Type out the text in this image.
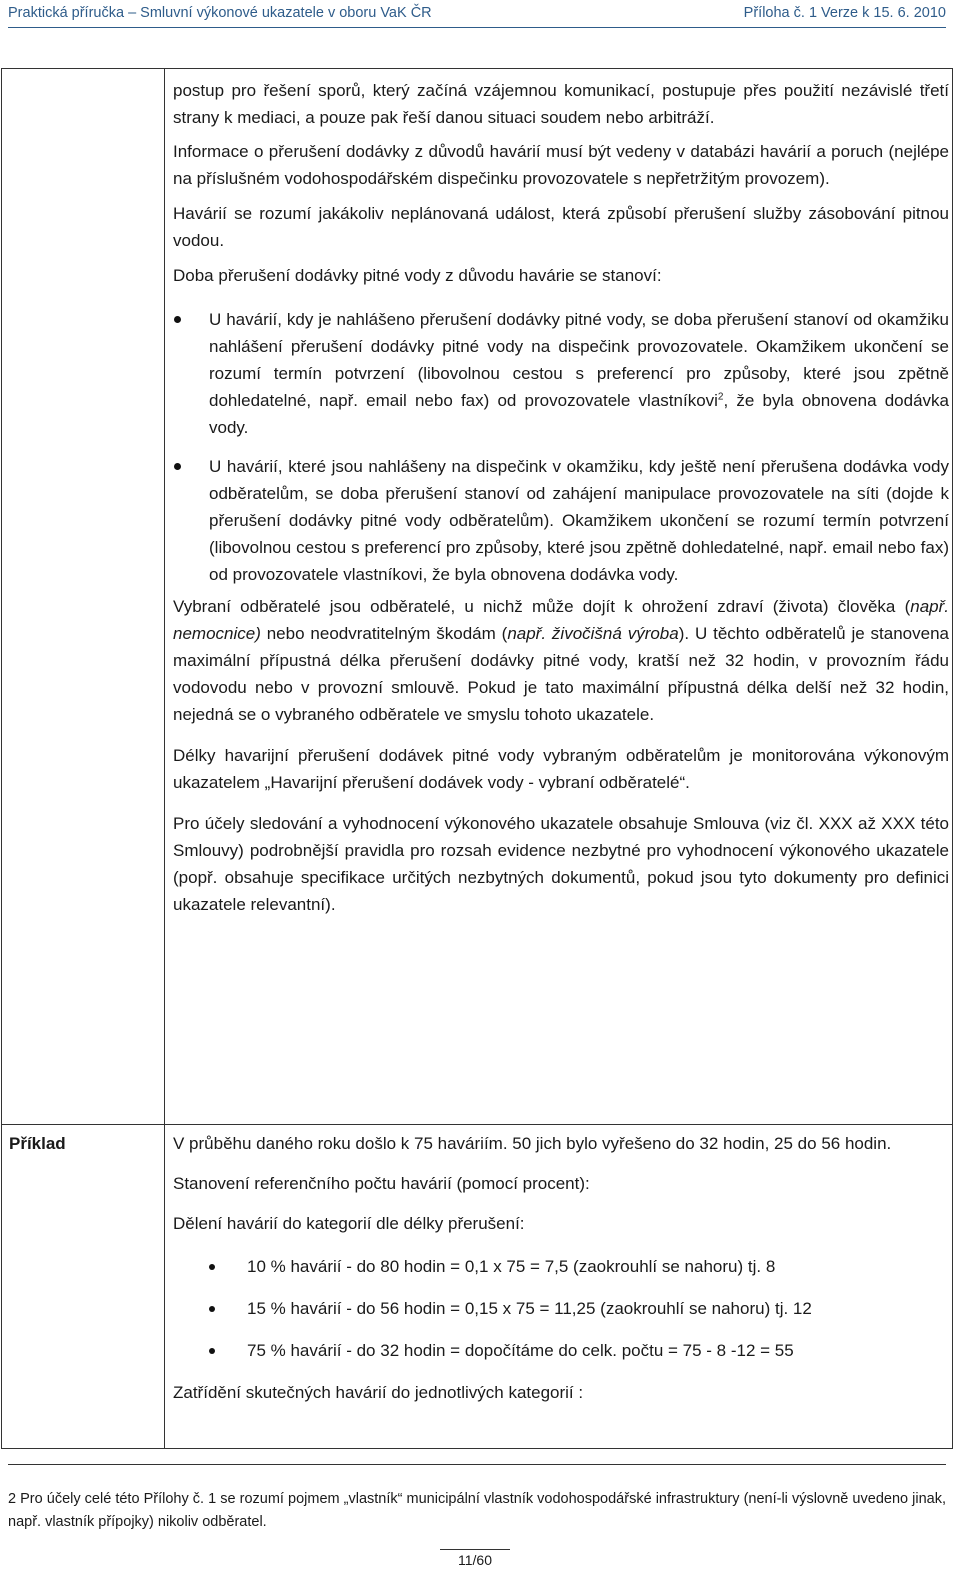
Praktická příručka – Smluvní výkonové ukazatele v oboru VaK ČR	Příloha č. 1 Verze k 15. 6. 2010

postup pro řešení sporů, který začíná vzájemnou komunikací, postupuje přes použití nezávislé třetí strany k mediaci, a pouze pak řeší danou situaci soudem nebo arbitráží.

Informace o přerušení dodávky z důvodů havárií musí být vedeny v databázi havárií a poruch (nejlépe na příslušném vodohospodářském dispečinku provozovatele s nepřetržitým provozem).

Havárií se rozumí jakákoliv neplánovaná událost, která způsobí přerušení služby zásobování pitnou vodou.

Doba přerušení dodávky pitné vody z důvodu havárie se stanoví:

U havárií, kdy je nahlášeno přerušení dodávky pitné vody, se doba přerušení stanoví od okamžiku nahlášení přerušení dodávky pitné vody na dispečink provozovatele. Okamžikem ukončení se rozumí termín potvrzení (libovolnou cestou s preferencí pro způsoby, které jsou zpětně dohledatelné, např. email nebo fax) od provozovatele vlastníkovi$^2$, že byla obnovena dodávka vody.
U havárií, které jsou nahlášeny na dispečink v okamžiku, kdy ještě není přerušena dodávka vody odběratelům, se doba přerušení stanoví od zahájení manipulace provozovatele na síti (dojde k přerušení dodávky pitné vody odběratelům). Okamžikem ukončení se rozumí termín potvrzení (libovolnou cestou s preferencí pro způsoby, které jsou zpětně dohledatelné, např. email nebo fax) od provozovatele vlastníkovi, že byla obnovena dodávka vody.

Vybraní odběratelé jsou odběratelé, u nichž může dojít k ohrožení zdraví (života) člověka (např. nemocnice) nebo neodvratitelným škodám (např. živočišná výroba). U těchto odběratelů je stanovena maximální přípustná délka přerušení dodávky pitné vody, kratší než 32 hodin, v provozním řádu vodovodu nebo v provozní smlouvě. Pokud je tato maximální přípustná délka delší než 32 hodin, nejedná se o vybraného odběratele ve smyslu tohoto ukazatele.

Délky havarijní přerušení dodávek pitné vody vybraným odběratelům je monitorována výkonovým ukazatelem „Havarijní přerušení dodávek vody - vybraní odběratelé“.

Pro účely sledování a vyhodnocení výkonového ukazatele obsahuje Smlouva (viz čl. XXX až XXX této Smlouvy) podrobnější pravidla pro rozsah evidence nezbytné pro vyhodnocení výkonového ukazatele (popř. obsahuje specifikace určitých nezbytných dokumentů, pokud jsou tyto dokumenty pro definici ukazatele relevantní).

Příklad	V průběhu daného roku došlo k 75 haváriím. 50 jich bylo vyřešeno do 32 hodin, 25 do 56 hodin.

Stanovení referenčního počtu havárií (pomocí procent):

Dělení havárií do kategorií dle délky přerušení:

10 % havárií - do 80 hodin = 0,1 x 75 = 7,5 (zaokrouhlí se nahoru) tj. 8
15 % havárií - do 56 hodin = 0,15 x 75 = 11,25 (zaokrouhlí se nahoru) tj. 12
75 % havárií - do 32 hodin = dopočítáme do celk. počtu = 75 - 8 -12 = 55

Zatřídění skutečných havárií do jednotlivých kategorií :

2 Pro účely celé této Přílohy č. 1 se rozumí pojmem „vlastník“ municipální vlastník vodohospodářské infrastruktury (není-li výslovně uvedeno jinak, např. vlastník přípojky) nikoliv odběratel.
11/60
